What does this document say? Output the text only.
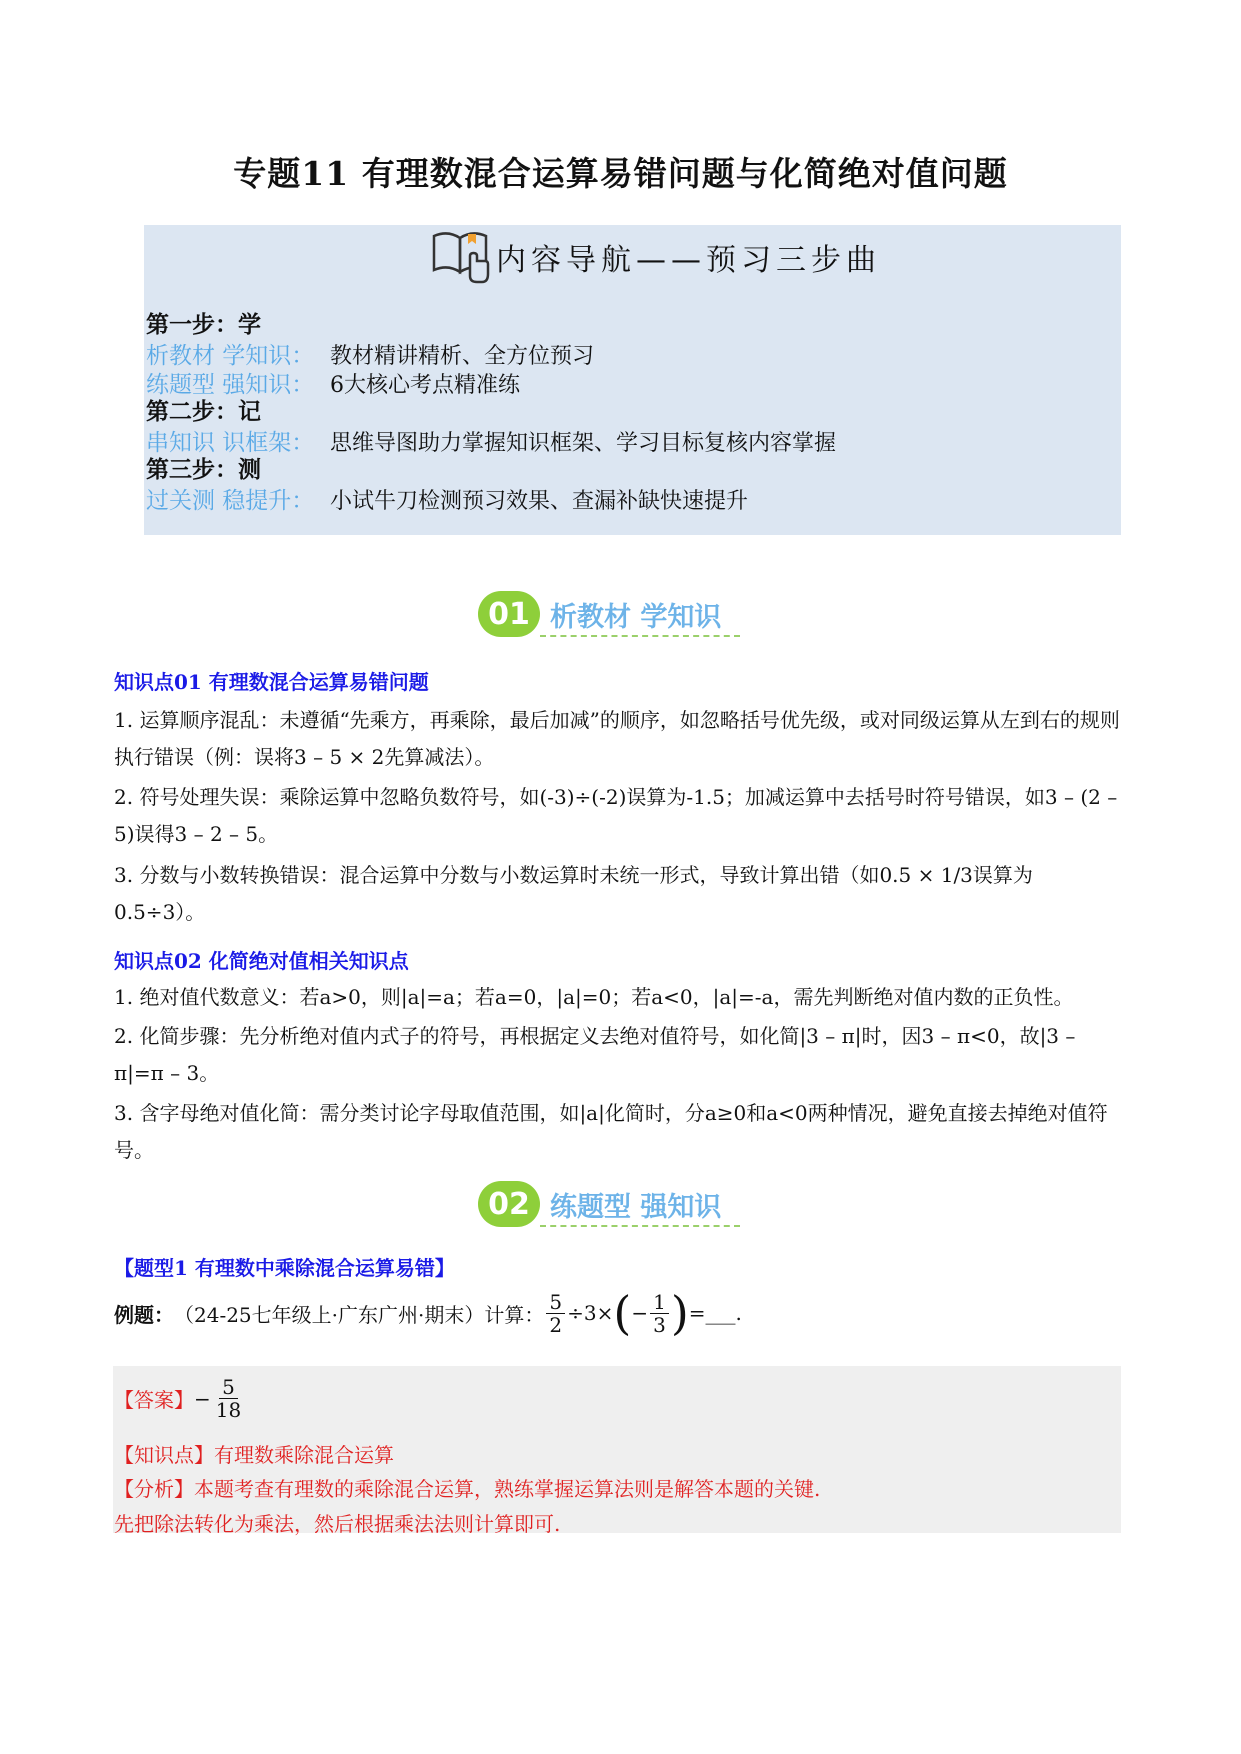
专题11 有理数混合运算易错问题与化简绝对值问题
内容导航——预习三步曲
第一步：学
析教材 学知识： 教材精讲精析、全方位预习
练题型 强知识： 6大核心考点精准练
第二步：记
串知识 识框架： 思维导图助力掌握知识框架、学习目标复核内容掌握
第三步：测
过关测 稳提升： 小试牛刀检测预习效果、查漏补缺快速提升
01 析教材 学知识
知识点01 有理数混合运算易错问题
1. 运算顺序混乱：未遵循“先乘方，再乘除，最后加减”的顺序，如忽略括号优先级，或对同级运算从左到右的规则执行错误（例：误将3 – 5 × 2先算减法）。
2. 符号处理失误：乘除运算中忽略负数符号，如(-3)÷(-2)误算为-1.5；加减运算中去括号时符号错误，如3 – (2 – 5)误得3 – 2 – 5。
3. 分数与小数转换错误：混合运算中分数与小数运算时未统一形式，导致计算出错（如0.5 × 1/3误算为0.5÷3）。
知识点02 化简绝对值相关知识点
1. 绝对值代数意义：若a>0，则|a|=a；若a=0，|a|=0；若a<0，|a|=-a，需先判断绝对值内数的正负性。
2. 化简步骤：先分析绝对值内式子的符号，再根据定义去绝对值符号，如化简|3 – π|时，因3 – π<0，故|3 – π|=π – 3。
3. 含字母绝对值化简：需分类讨论字母取值范围，如|a|化简时，分a≥0和a<0两种情况，避免直接去掉绝对值符号。
02 练题型 强知识
【题型1 有理数中乘除混合运算易错】
例题： （24-25七年级上·广东广州·期末）计算： $\frac{5}{2} \div 3\times$ ( − $\frac{1}{3}$ ) =___.
【答案】 − $\frac{5}{18}$
【知识点】有理数乘除混合运算
【分析】本题考查有理数的乘除混合运算，熟练掌握运算法则是解答本题的关键.
先把除法转化为乘法，然后根据乘法法则计算即可.
